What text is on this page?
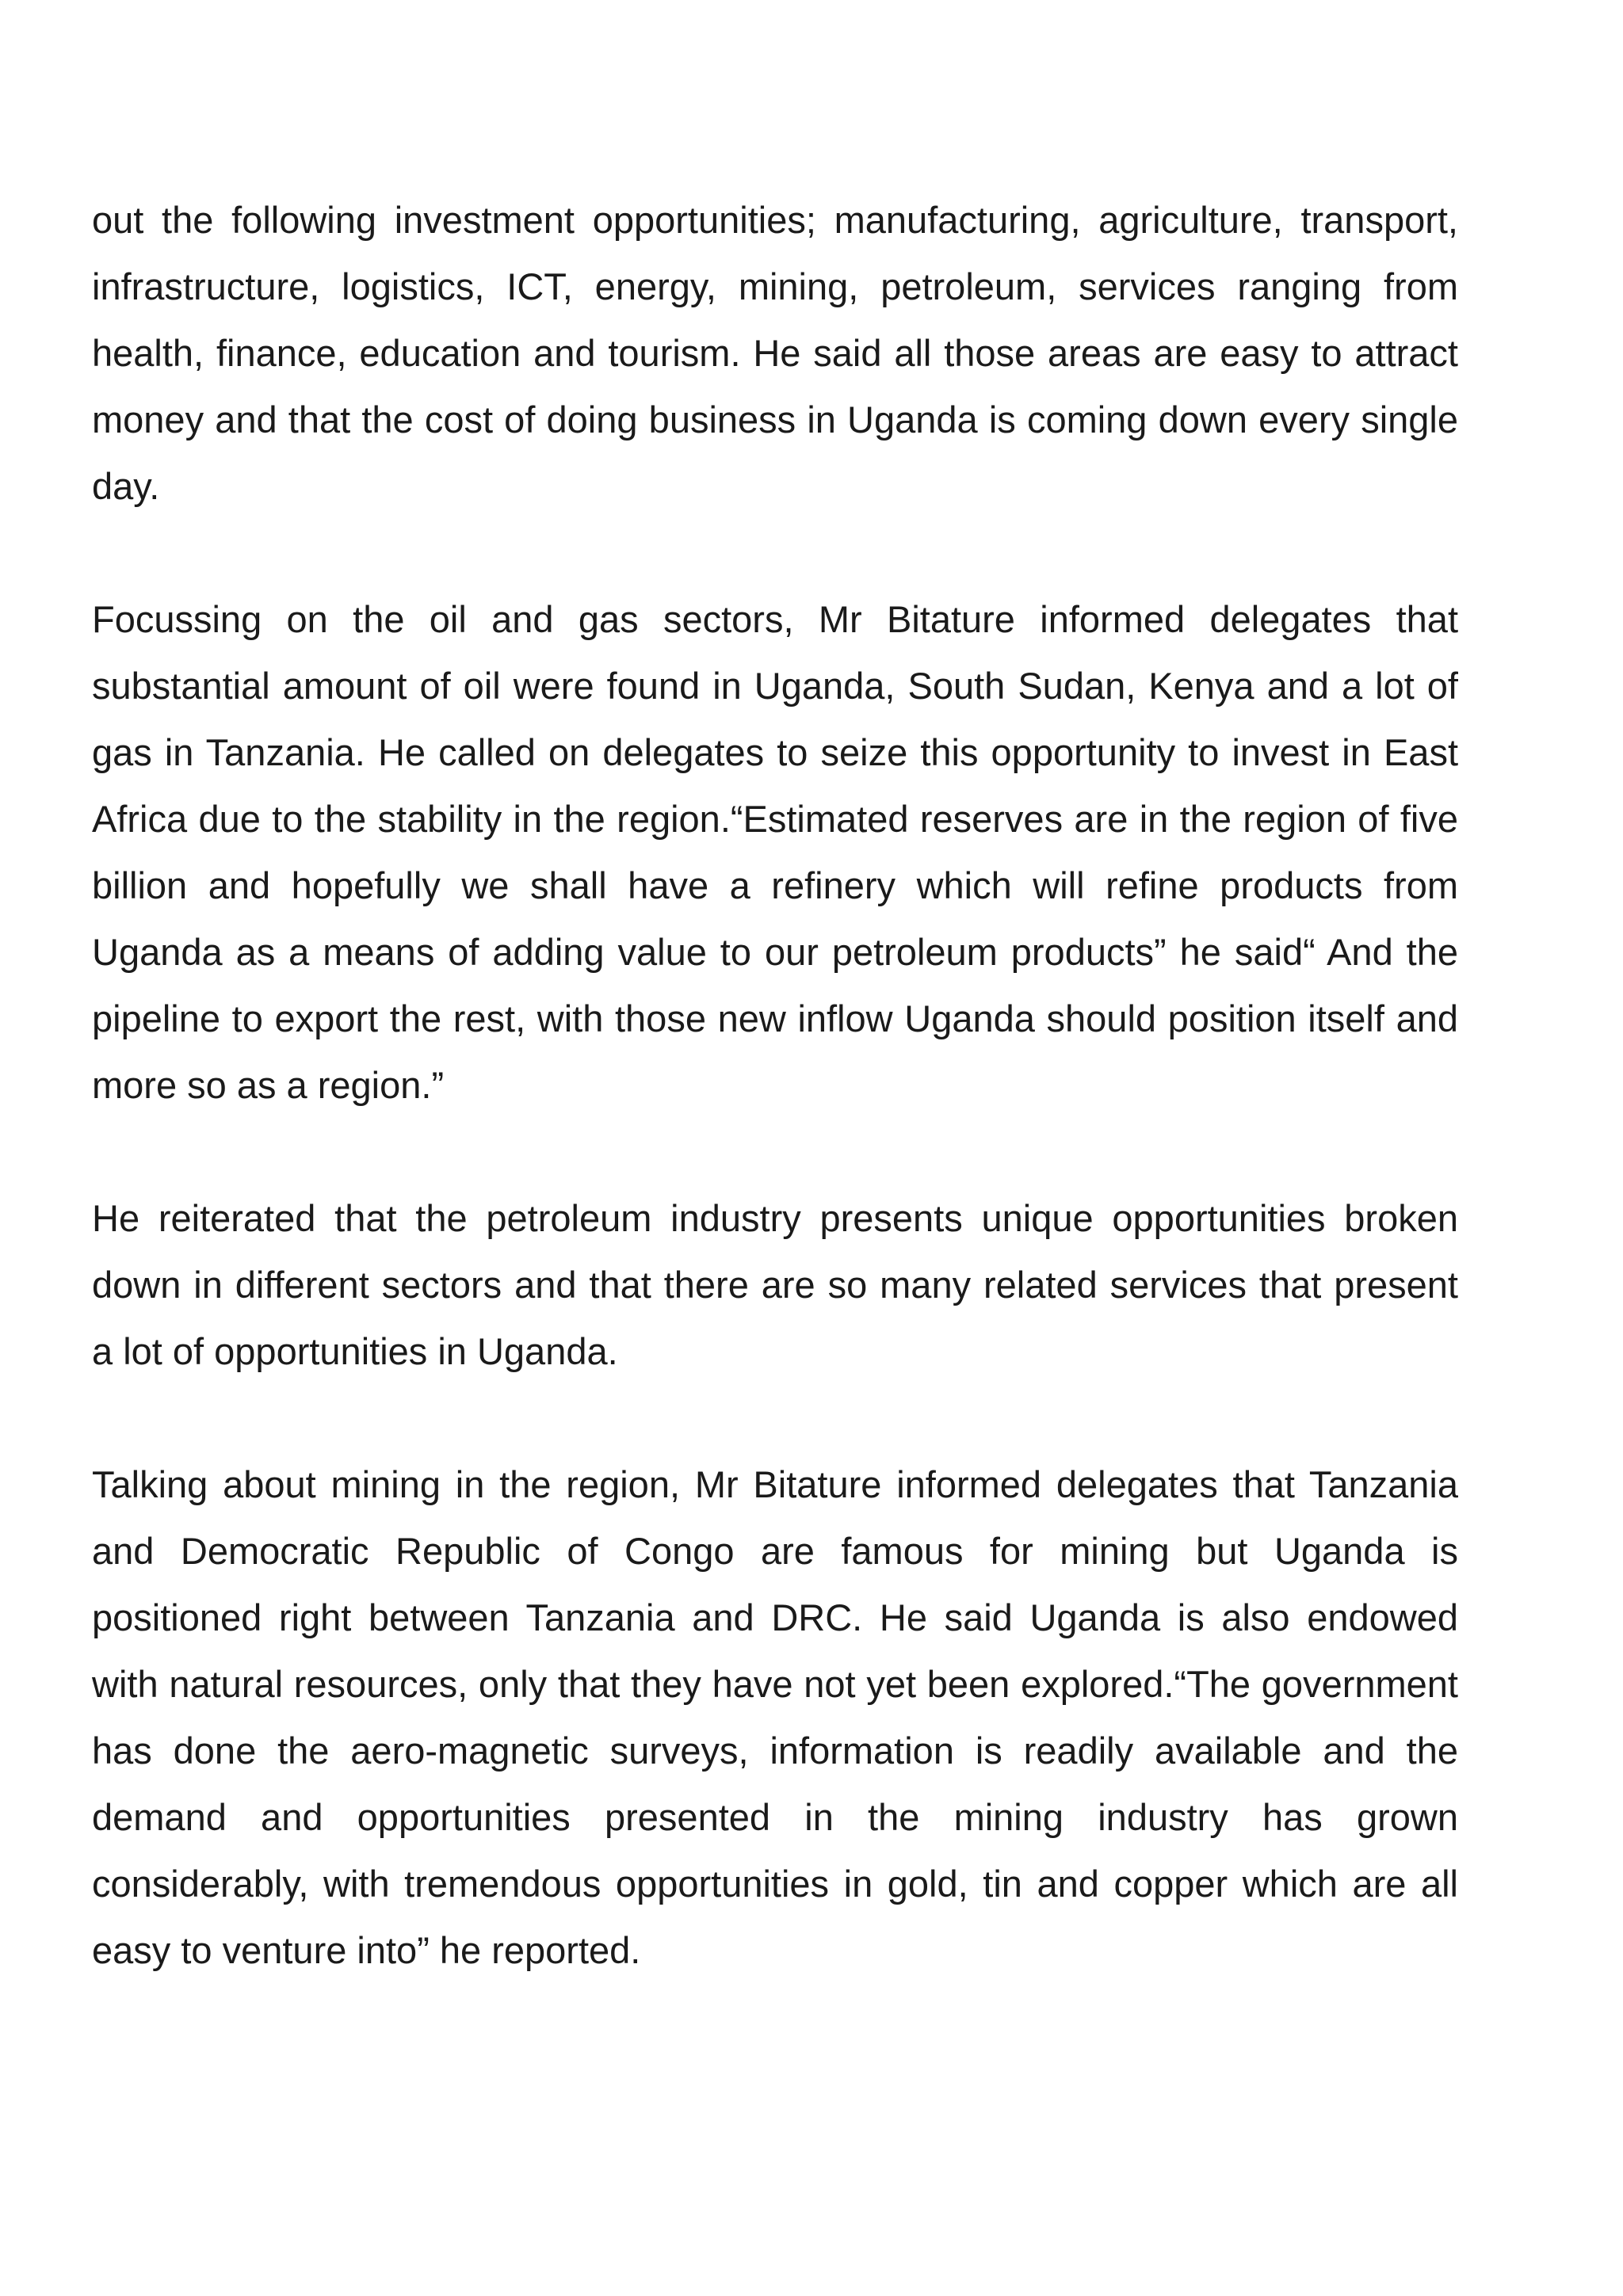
out the following investment opportunities; manufacturing, agriculture, transport, infrastructure, logistics, ICT, energy, mining, petroleum, services ranging from health, finance, education and tourism. He said all those areas are easy to attract money and that the cost of doing business in Uganda is coming down every single day.

Focussing on the oil and gas sectors, Mr Bitature informed delegates that substantial amount of oil were found in Uganda, South Sudan, Kenya and a lot of gas in Tanzania. He called on delegates to seize this opportunity to invest in East Africa due to the stability in the region.“Estimated reserves are in the region of five billion and hopefully we shall have a refinery which will refine products from Uganda as a means of adding value to our petroleum products” he said“ And the pipeline to export the rest, with those new inflow Uganda should position itself and more so as a region.”

He reiterated that the petroleum industry presents unique opportunities broken down in different sectors and that there are so many related services that present a lot of opportunities in Uganda.

Talking about mining in the region, Mr Bitature informed delegates that Tanzania and Democratic Republic of Congo are famous for mining but Uganda is positioned right between Tanzania and DRC. He said Uganda is also endowed with natural resources, only that they have not yet been explored.“The government has done the aero-magnetic surveys, information is readily available and the demand and opportunities presented in the mining industry has grown considerably, with tremendous opportunities in gold, tin and copper which are all easy to venture into” he reported.
